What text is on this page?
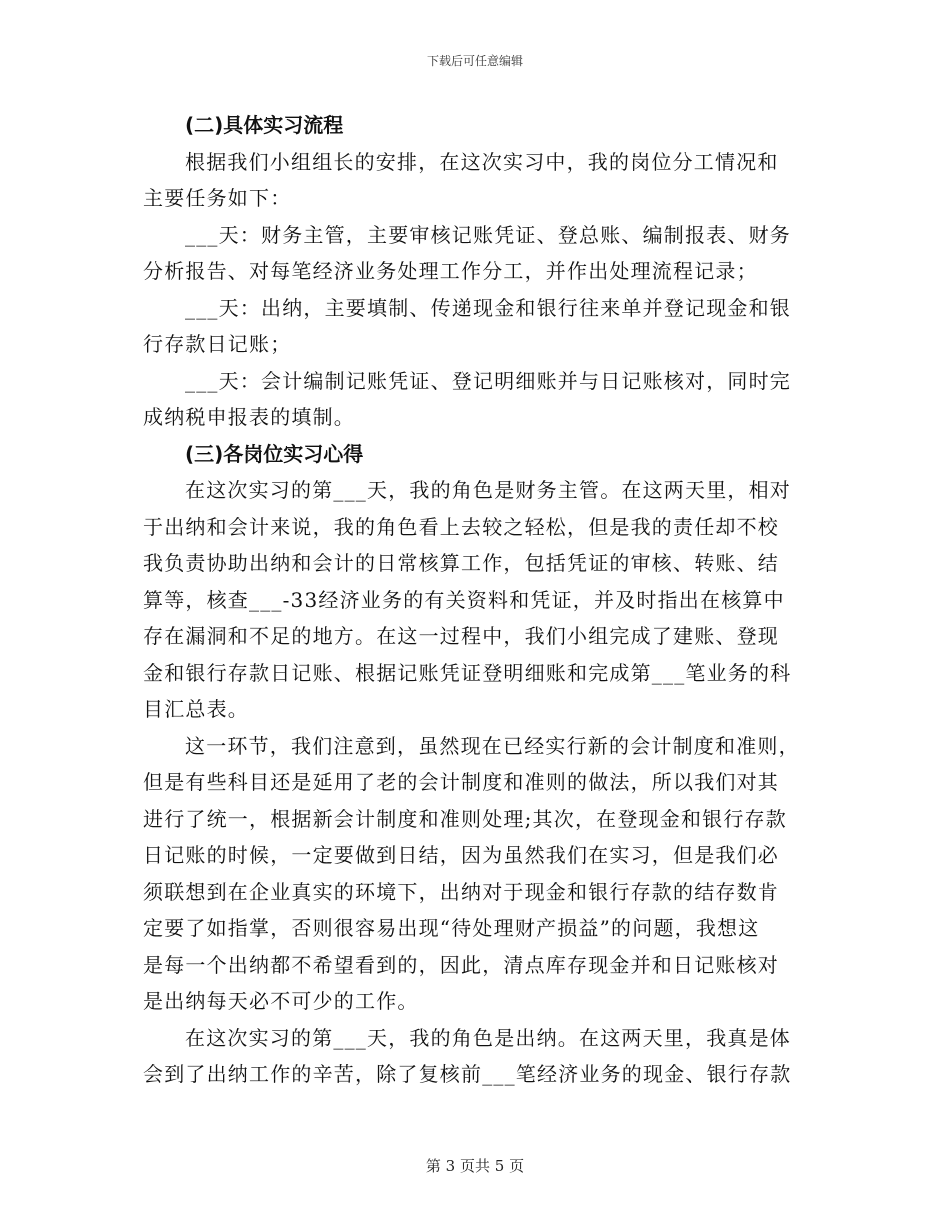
下载后可任意编辑
(二)具体实习流程
根据我们小组组长的安排，在这次实习中，我的岗位分工情况和
主要任务如下：
___天：财务主管，主要审核记账凭证、登总账、编制报表、财务
分析报告、对每笔经济业务处理工作分工，并作出处理流程记录；
___天：出纳，主要填制、传递现金和银行往来单并登记现金和银
行存款日记账；
___天：会计编制记账凭证、登记明细账并与日记账核对，同时完
成纳税申报表的填制。
(三)各岗位实习心得
在这次实习的第___天，我的角色是财务主管。在这两天里，相对
于出纳和会计来说，我的角色看上去较之轻松，但是我的责任却不校
我负责协助出纳和会计的日常核算工作，包括凭证的审核、转账、结
算等，核查___-33经济业务的有关资料和凭证，并及时指出在核算中
存在漏洞和不足的地方。在这一过程中，我们小组完成了建账、登现
金和银行存款日记账、根据记账凭证登明细账和完成第___笔业务的科
目汇总表。
这一环节，我们注意到，虽然现在已经实行新的会计制度和准则，
但是有些科目还是延用了老的会计制度和准则的做法，所以我们对其
进行了统一，根据新会计制度和准则处理;其次，在登现金和银行存款
日记账的时候，一定要做到日结，因为虽然我们在实习，但是我们必
须联想到在企业真实的环境下，出纳对于现金和银行存款的结存数肯
定要了如指掌，否则很容易出现“待处理财产损益”的问题，我想这
是每一个出纳都不希望看到的，因此，清点库存现金并和日记账核对
是出纳每天必不可少的工作。
在这次实习的第___天，我的角色是出纳。在这两天里，我真是体
会到了出纳工作的辛苦，除了复核前___笔经济业务的现金、银行存款
第 3 页共 5 页
